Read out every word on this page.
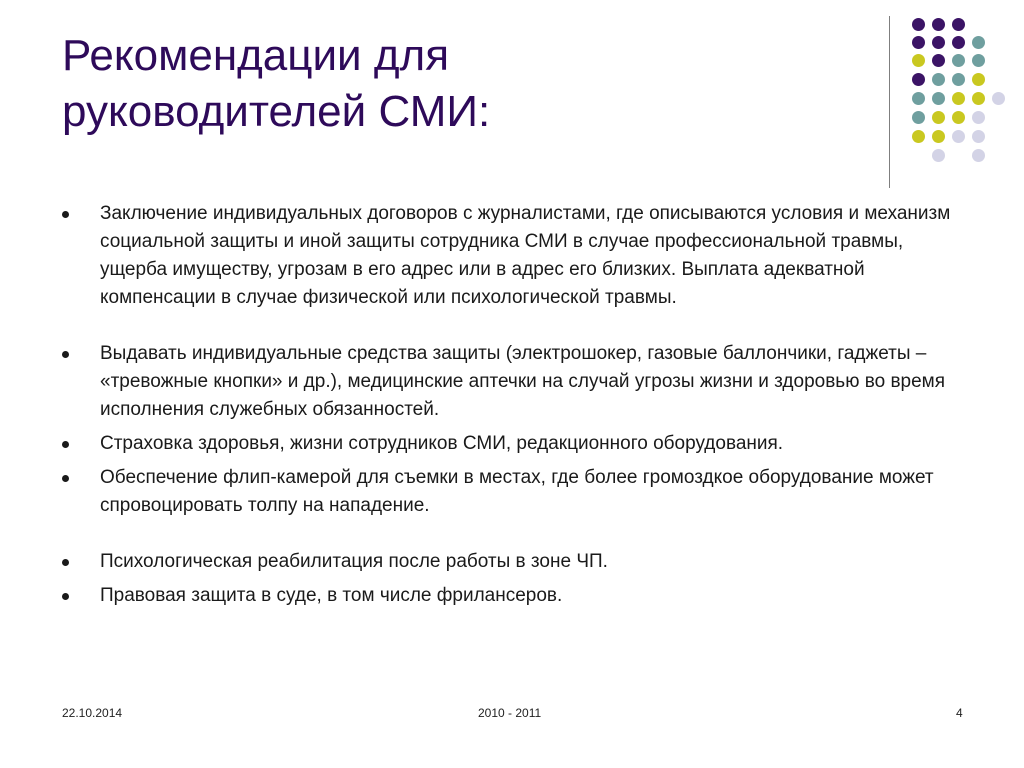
Рекомендации для
руководителей СМИ:
Заключение индивидуальных договоров с журналистами, где описываются условия и механизм социальной защиты и иной защиты сотрудника СМИ в случае профессиональной травмы, ущерба имуществу, угрозам в его адрес или в адрес его близких. Выплата адекватной компенсации в случае физической или психологической травмы.
Выдавать индивидуальные средства защиты (электрошокер, газовые баллончики, гаджеты – «тревожные кнопки» и др.), медицинские аптечки на случай угрозы жизни и здоровью во время исполнения служебных обязанностей.
Страховка здоровья, жизни сотрудников СМИ, редакционного оборудования.
Обеспечение флип-камерой для съемки в местах, где более громоздкое оборудование может спровоцировать толпу на нападение.
Психологическая реабилитация после работы в зоне ЧП.
Правовая защита в суде, в том числе фрилансеров.
22.10.2014	2010 - 2011	4
